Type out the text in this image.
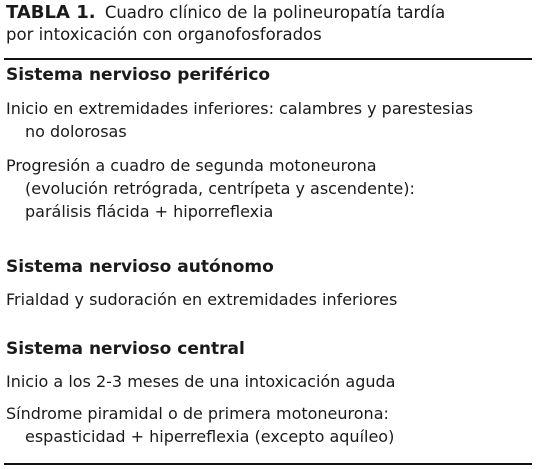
TABLA 1. Cuadro clínico de la polineuropatía tardía
por intoxicación con organofosforados
Sistema nervioso periférico
Inicio en extremidades inferiores: calambres y parestesias
no dolorosas
Progresión a cuadro de segunda motoneurona
(evolución retrógrada, centrípeta y ascendente):
parálisis flácida + hiporreflexia
Sistema nervioso autónomo
Frialdad y sudoración en extremidades inferiores
Sistema nervioso central
Inicio a los 2-3 meses de una intoxicación aguda
Síndrome piramidal o de primera motoneurona:
espasticidad + hiperreflexia (excepto aquíleo)
